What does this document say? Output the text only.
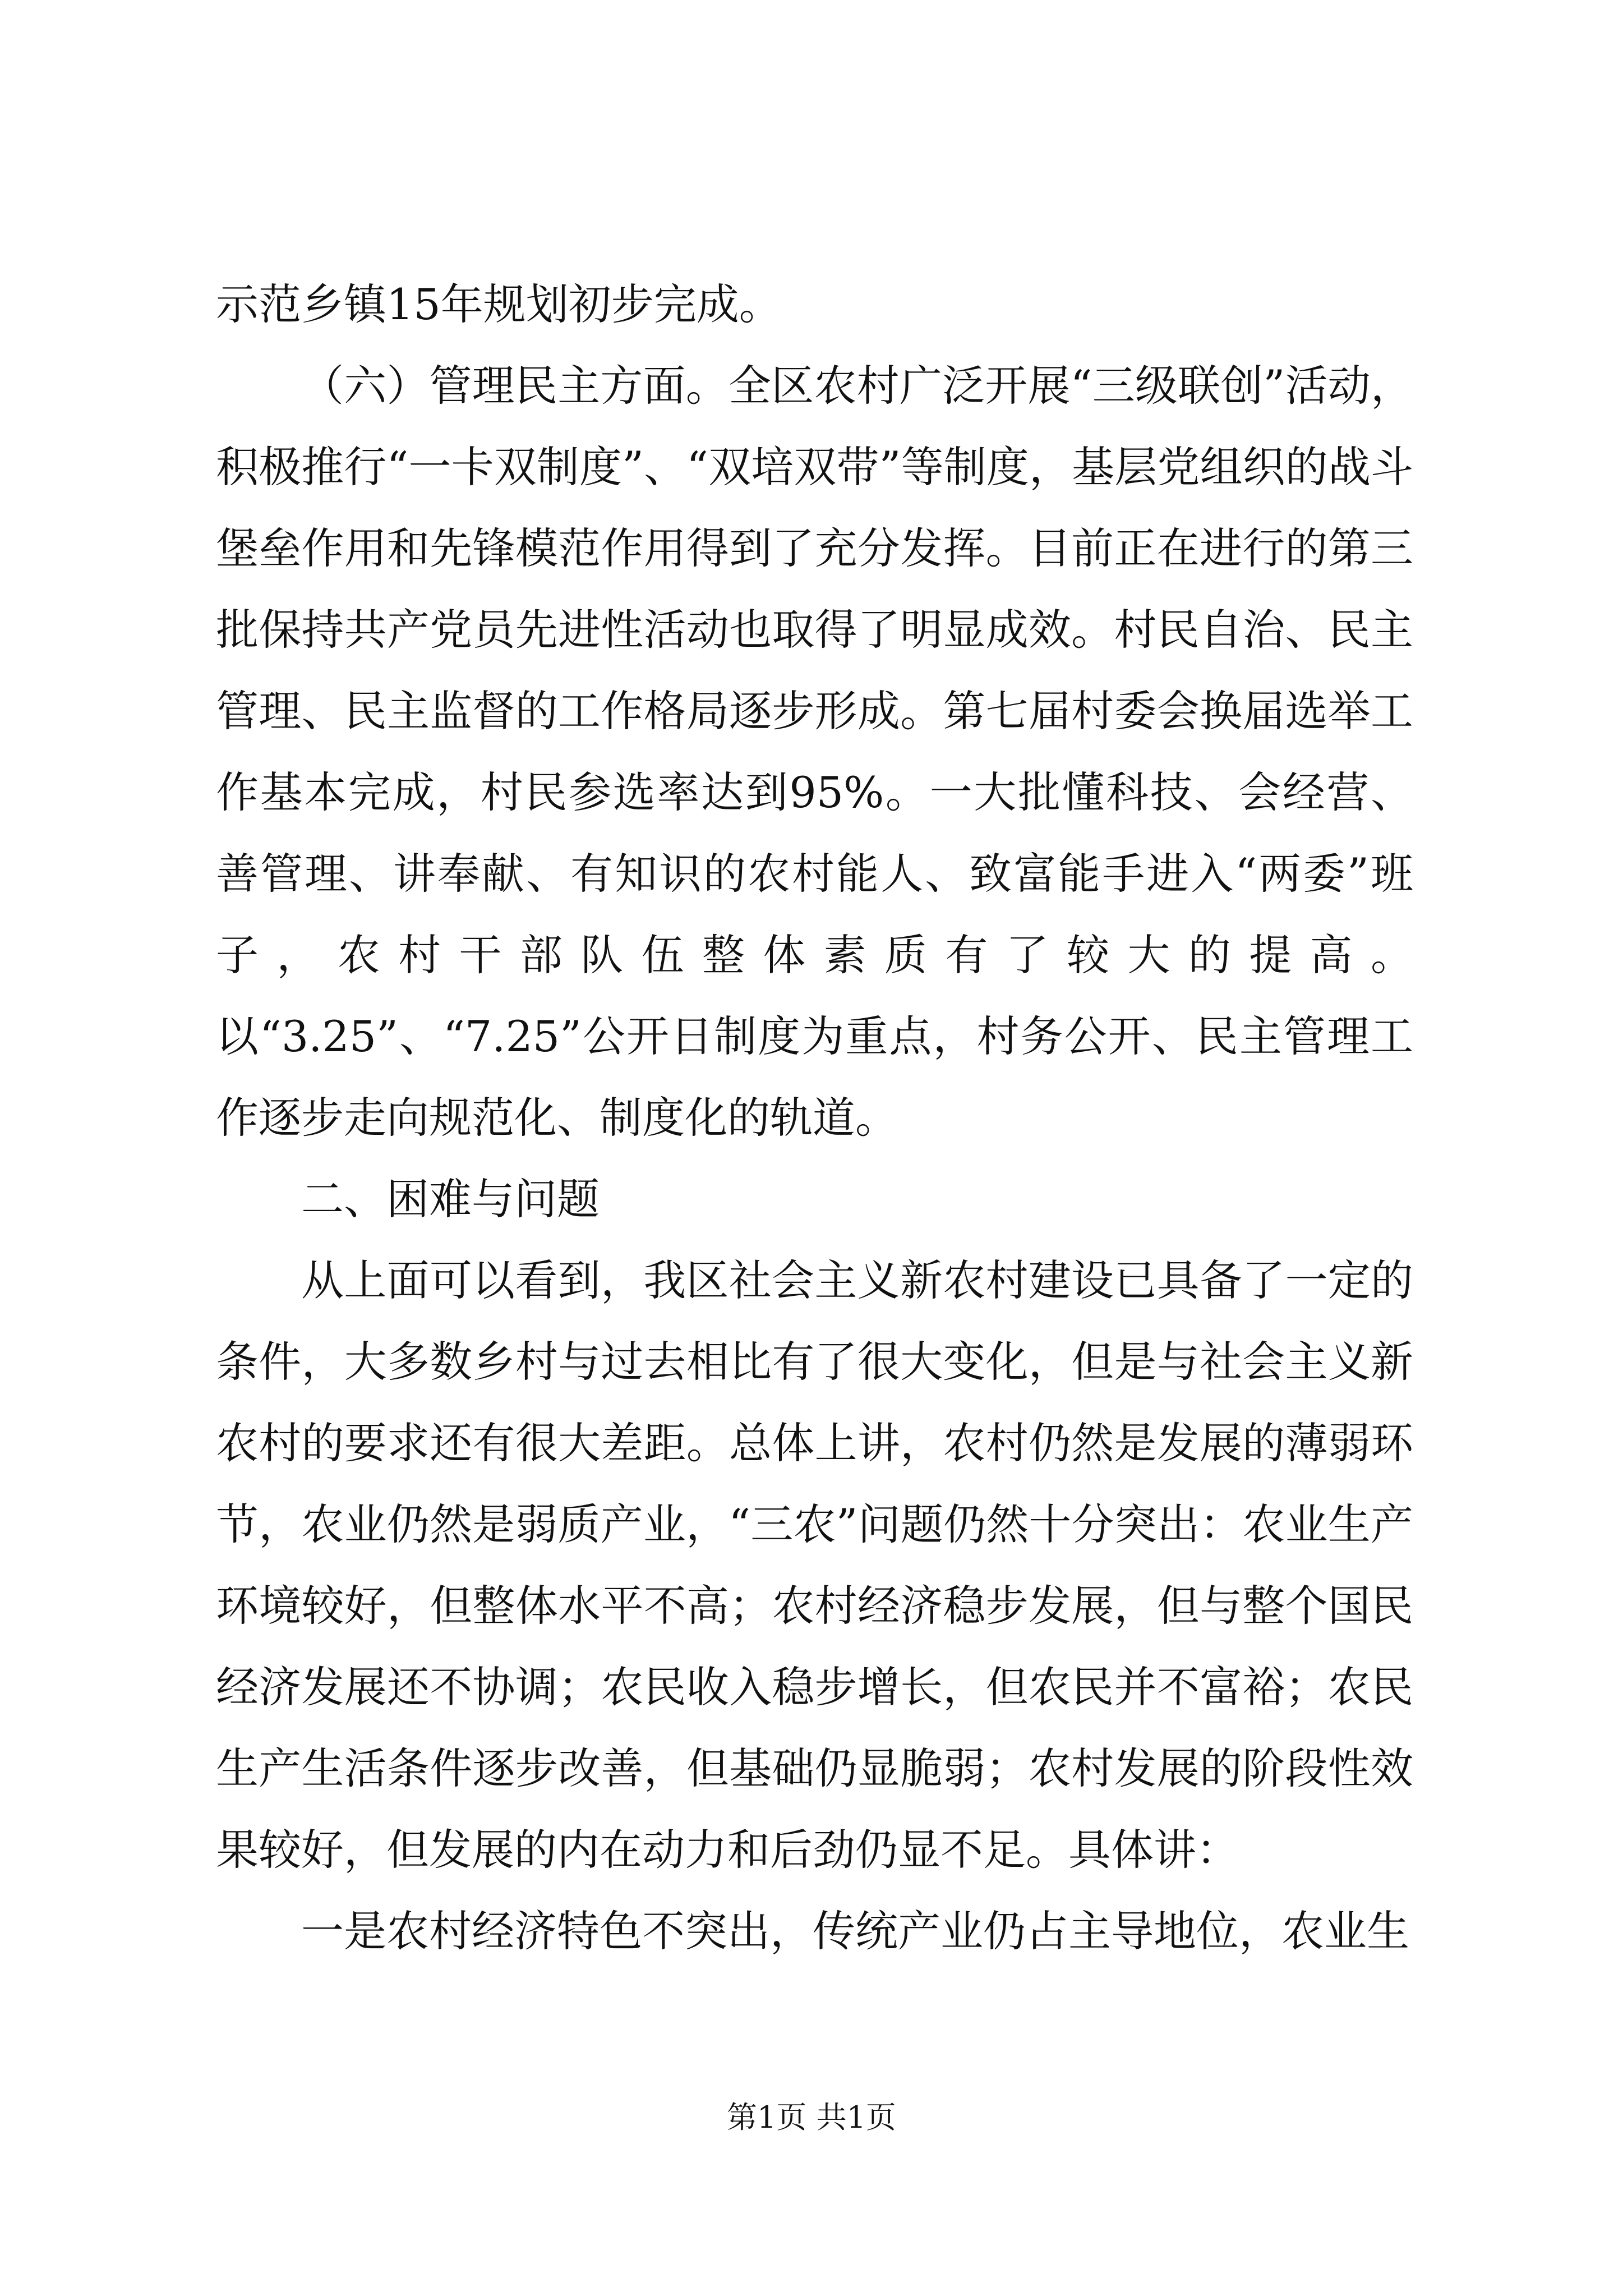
示范乡镇15年规划初步完成。

（六）管理民主方面。全区农村广泛开展“三级联创”活动，积极推行“一卡双制度”、“双培双带”等制度，基层党组织的战斗堡垒作用和先锋模范作用得到了充分发挥。目前正在进行的第三批保持共产党员先进性活动也取得了明显成效。村民自治、民主管理、民主监督的工作格局逐步形成。第七届村委会换届选举工作基本完成，村民参选率达到95%。一大批懂科技、会经营、善管理、讲奉献、有知识的农村能人、致富能手进入“两委”班子，农村干部队伍整体素质有了较大的提高。以“3.25”、“7.25”公开日制度为重点，村务公开、民主管理工作逐步走向规范化、制度化的轨道。

二、困难与问题

从上面可以看到，我区社会主义新农村建设已具备了一定的条件，大多数乡村与过去相比有了很大变化，但是与社会主义新农村的要求还有很大差距。总体上讲，农村仍然是发展的薄弱环节，农业仍然是弱质产业，“三农”问题仍然十分突出：农业生产环境较好，但整体水平不高；农村经济稳步发展，但与整个国民经济发展还不协调；农民收入稳步增长，但农民并不富裕；农民生产生活条件逐步改善，但基础仍显脆弱；农村发展的阶段性效果较好，但发展的内在动力和后劲仍显不足。具体讲：

一是农村经济特色不突出，传统产业仍占主导地位，农业生

第1页 共1页
